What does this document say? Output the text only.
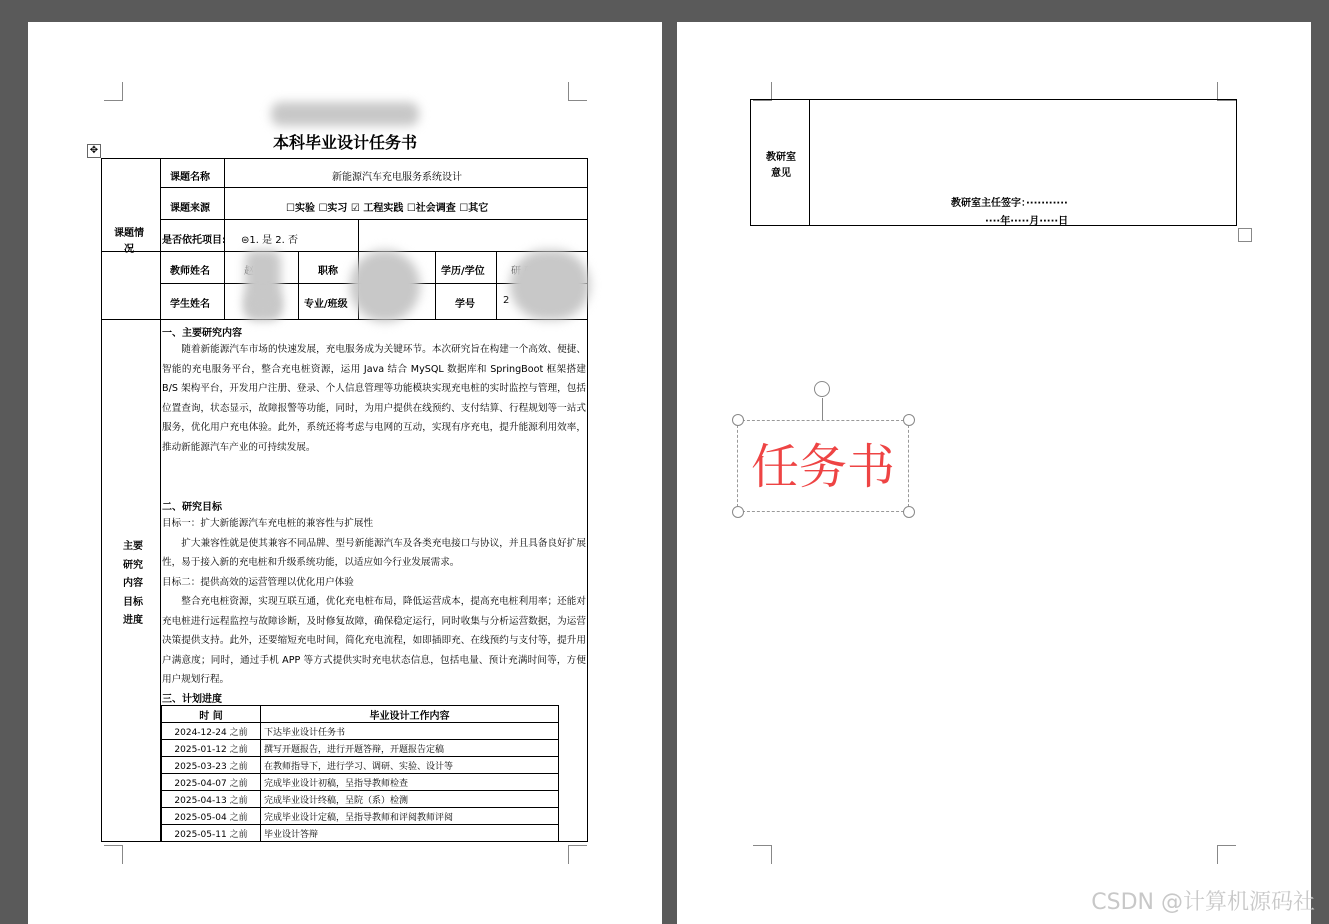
本科毕业设计任务书
✥
课题情况
课题名称	新能源汽车充电服务系统设计
课题来源	☐实验 ☐实习 ☑ 工程实践 ☐社会调查 ☐其它
是否依托项目: ⊜1. 是 2. 否
教师姓名	职称	学历/学位
学生姓名	专业/班级	学号	2
主要
研究
内容
目标
进度
一、主要研究内容

随着新能源汽车市场的快速发展，充电服务成为关键环节。本次研究旨在构建一个高效、便捷、智能的充电服务平台，整合充电桩资源，运用 Java 结合 MySQL 数据库和 SpringBoot 框架搭建 B/S 架构平台，开发用户注册、登录、个人信息管理等功能模块实现充电桩的实时监控与管理，包括位置查询，状态显示，故障报警等功能，同时，为用户提供在线预约、支付结算、行程规划等一站式服务，优化用户充电体验。此外，系统还将考虑与电网的互动，实现有序充电，提升能源利用效率，推动新能源汽车产业的可持续发展。

二、研究目标

目标一：扩大新能源汽车充电桩的兼容性与扩展性

扩大兼容性就是使其兼容不同品牌、型号新能源汽车及各类充电接口与协议，并且具备良好扩展性，易于接入新的充电桩和升级系统功能，以适应如今行业发展需求。

目标二：提供高效的运营管理以优化用户体验

整合充电桩资源，实现互联互通，优化充电桩布局，降低运营成本，提高充电桩利用率；还能对充电桩进行远程监控与故障诊断，及时修复故障，确保稳定运行，同时收集与分析运营数据，为运营决策提供支持。此外，还要缩短充电时间，简化充电流程，如即插即充、在线预约与支付等，提升用户满意度；同时，通过手机 APP 等方式提供实时充电状态信息，包括电量、预计充满时间等，方便用户规划行程。

三、计划进度
时 间	毕业设计工作内容
2024-12-24 之前	下达毕业设计任务书
2025-01-12 之前	撰写开题报告，进行开题答辩，开题报告定稿
2025-03-23 之前	在教师指导下，进行学习、调研、实验、设计等
2025-04-07 之前	完成毕业设计初稿，呈指导教师检查
2025-04-13 之前	完成毕业设计终稿，呈院（系）检测
2025-05-04 之前	完成毕业设计定稿，呈指导教师和评阅教师评阅
2025-05-11 之前	毕业设计答辩
教研室
意见
教研室主任签字：···········
····年·····月·····日
任务书
CSDN @计算机源码社
